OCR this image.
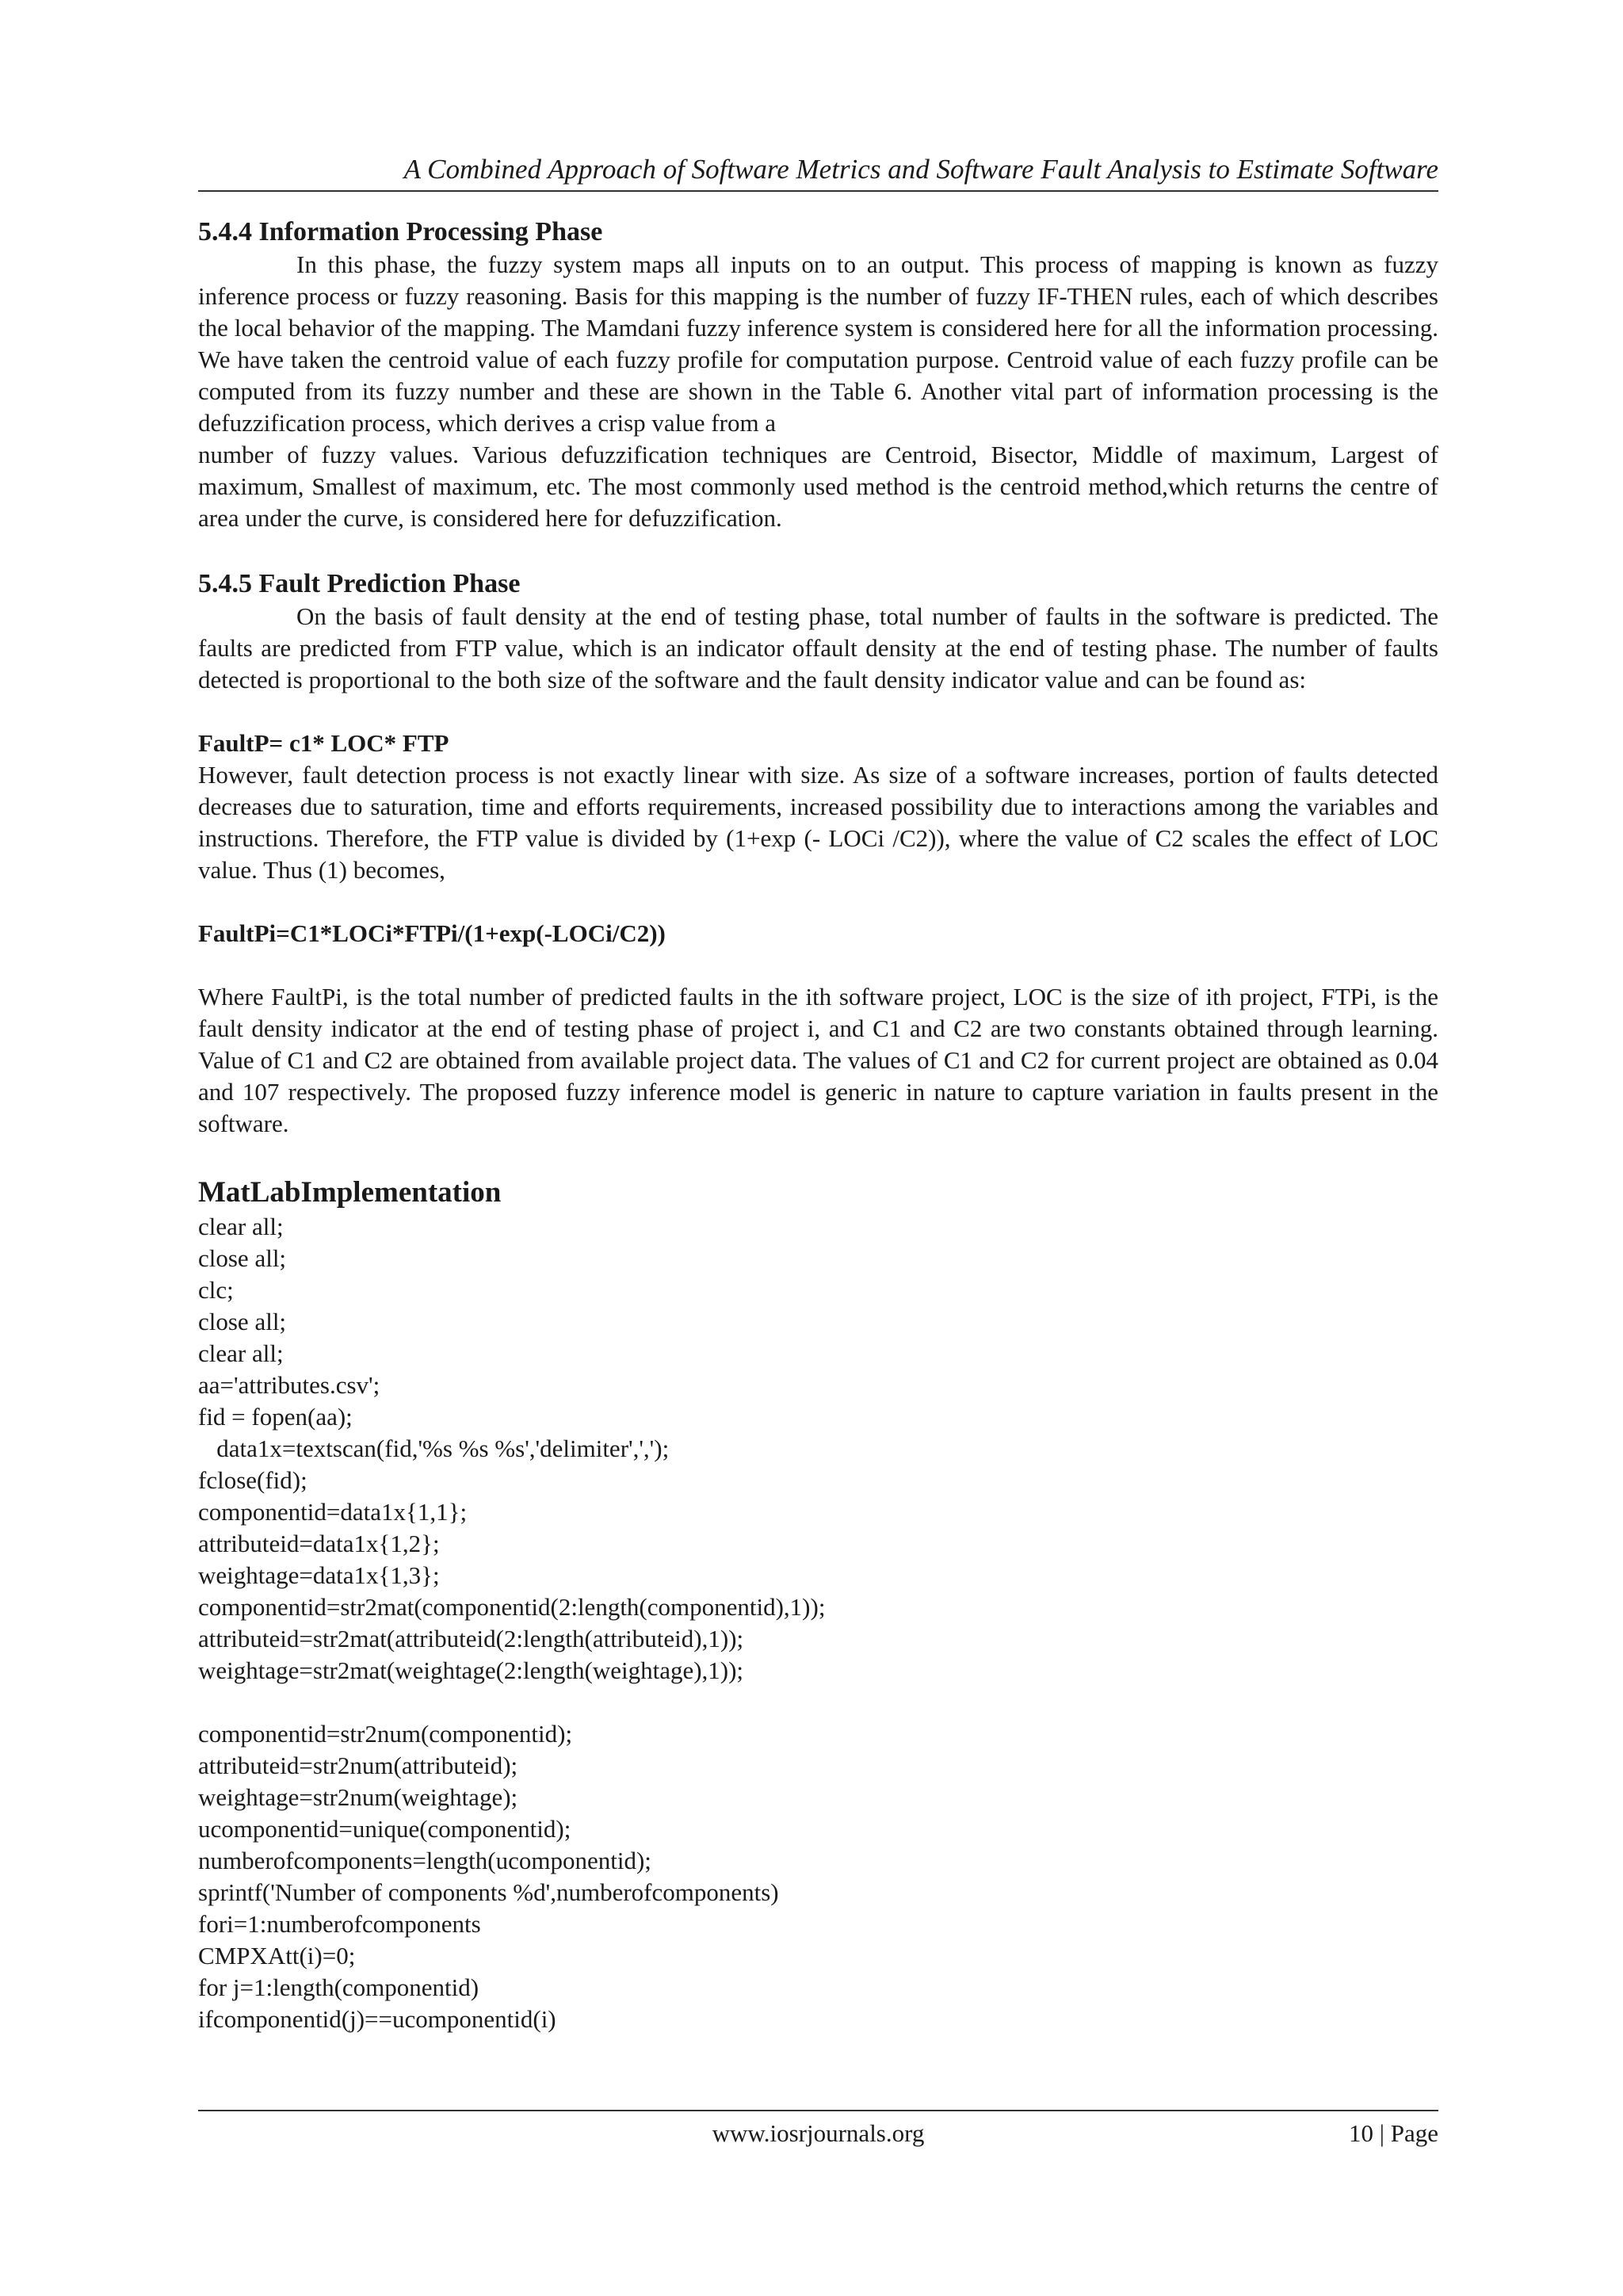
A Combined Approach of Software Metrics and Software Fault Analysis to Estimate Software
5.4.4 Information Processing Phase

In this phase, the fuzzy system maps all inputs on to an output. This process of mapping is known as fuzzy inference process or fuzzy reasoning. Basis for this mapping is the number of fuzzy IF-THEN rules, each of which describes the local behavior of the mapping. The Mamdani fuzzy inference system is considered here for all the information processing. We have taken the centroid value of each fuzzy profile for computation purpose. Centroid value of each fuzzy profile can be computed from its fuzzy number and these are shown in the Table 6. Another vital part of information processing is the defuzzification process, which derives a crisp value from a

number of fuzzy values. Various defuzzification techniques are Centroid, Bisector, Middle of maximum, Largest of maximum, Smallest of maximum, etc. The most commonly used method is the centroid method,which returns the centre of area under the curve, is considered here for defuzzification.

5.4.5 Fault Prediction Phase

On the basis of fault density at the end of testing phase, total number of faults in the software is predicted. The faults are predicted from FTP value, which is an indicator offault density at the end of testing phase. The number of faults detected is proportional to the both size of the software and the fault density indicator value and can be found as:

FaultP= c1* LOC* FTP

However, fault detection process is not exactly linear with size. As size of a software increases, portion of faults detected decreases due to saturation, time and efforts requirements, increased possibility due to interactions among the variables and instructions. Therefore, the FTP value is divided by (1+exp (- LOCi /C2)), where the value of C2 scales the effect of LOC value. Thus (1) becomes,

FaultPi=C1*LOCi*FTPi/(1+exp(-LOCi/C2))

Where FaultPi, is the total number of predicted faults in the ith software project, LOC is the size of ith project, FTPi, is the fault density indicator at the end of testing phase of project i, and C1 and C2 are two constants obtained through learning. Value of C1 and C2 are obtained from available project data. The values of C1 and C2 for current project are obtained as 0.04 and 107 respectively. The proposed fuzzy inference model is generic in nature to capture variation in faults present in the software.

MatLabImplementation

clear all;

close all;

clc;

close all;

clear all;

aa='attributes.csv';

fid = fopen(aa);

data1x=textscan(fid,'%s %s %s','delimiter',',');

fclose(fid);

componentid=data1x{1,1};

attributeid=data1x{1,2};

weightage=data1x{1,3};

componentid=str2mat(componentid(2:length(componentid),1));

attributeid=str2mat(attributeid(2:length(attributeid),1));

weightage=str2mat(weightage(2:length(weightage),1));

componentid=str2num(componentid);

attributeid=str2num(attributeid);

weightage=str2num(weightage);

ucomponentid=unique(componentid);

numberofcomponents=length(ucomponentid);

sprintf('Number of components %d',numberofcomponents)

fori=1:numberofcomponents

CMPXAtt(i)=0;

for j=1:length(componentid)

ifcomponentid(j)==ucomponentid(i)

www.iosrjournals.org	10 | Page
